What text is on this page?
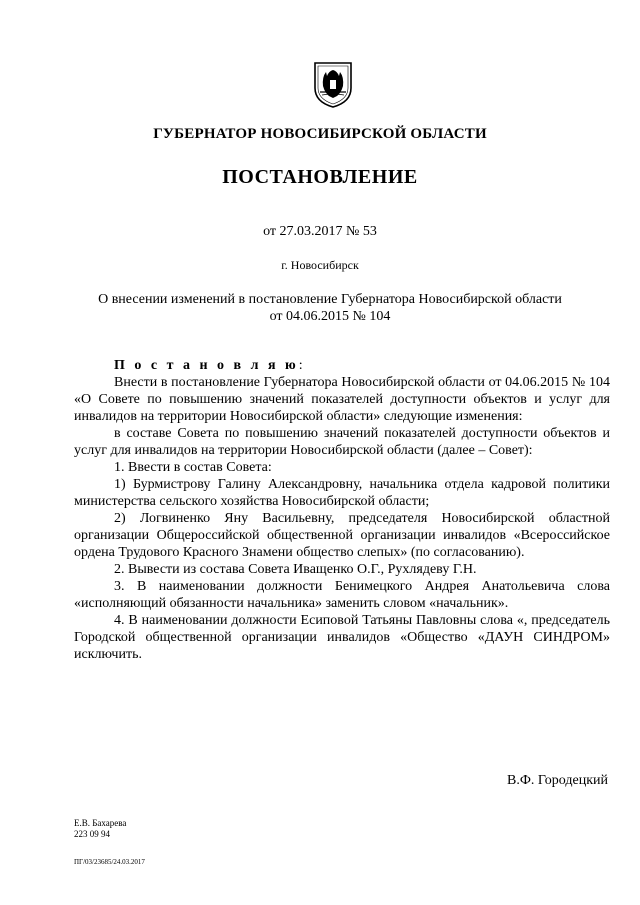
ГУБЕРНАТОР НОВОСИБИРСКОЙ ОБЛАСТИ
ПОСТАНОВЛЕНИЕ
от 27.03.2017 № 53
г. Новосибирск
О внесении изменений в постановление Губернатора Новосибирской области
от 04.06.2015 № 104

П о с т а н о в л я ю:

Внести в постановление Губернатора Новосибирской области от 04.06.2015 № 104 «О Совете по повышению значений показателей доступности объектов и услуг для инвалидов на территории Новосибирской области» следующие изменения:

в составе Совета по повышению значений показателей доступности объектов и услуг для инвалидов на территории Новосибирской области (далее – Совет):

1. Ввести в состав Совета:

1) Бурмистрову Галину Александровну, начальника отдела кадровой политики министерства сельского хозяйства Новосибирской области;

2) Логвиненко Яну Васильевну, председателя Новосибирской областной организации Общероссийской общественной организации инвалидов «Всероссийское ордена Трудового Красного Знамени общество слепых» (по согласованию).

2. Вывести из состава Совета Иващенко О.Г., Рухлядеву Г.Н.

3. В наименовании должности Бенимецкого Андрея Анатольевича слова «исполняющий обязанности начальника» заменить словом «начальник».

4. В наименовании должности Есиповой Татьяны Павловны слова «, председатель Городской общественной организации инвалидов «Общество «ДАУН СИНДРОМ» исключить.

В.Ф. Городецкий
Е.В. Бахарева
223 09 94
ПГ/03/23685/24.03.2017
